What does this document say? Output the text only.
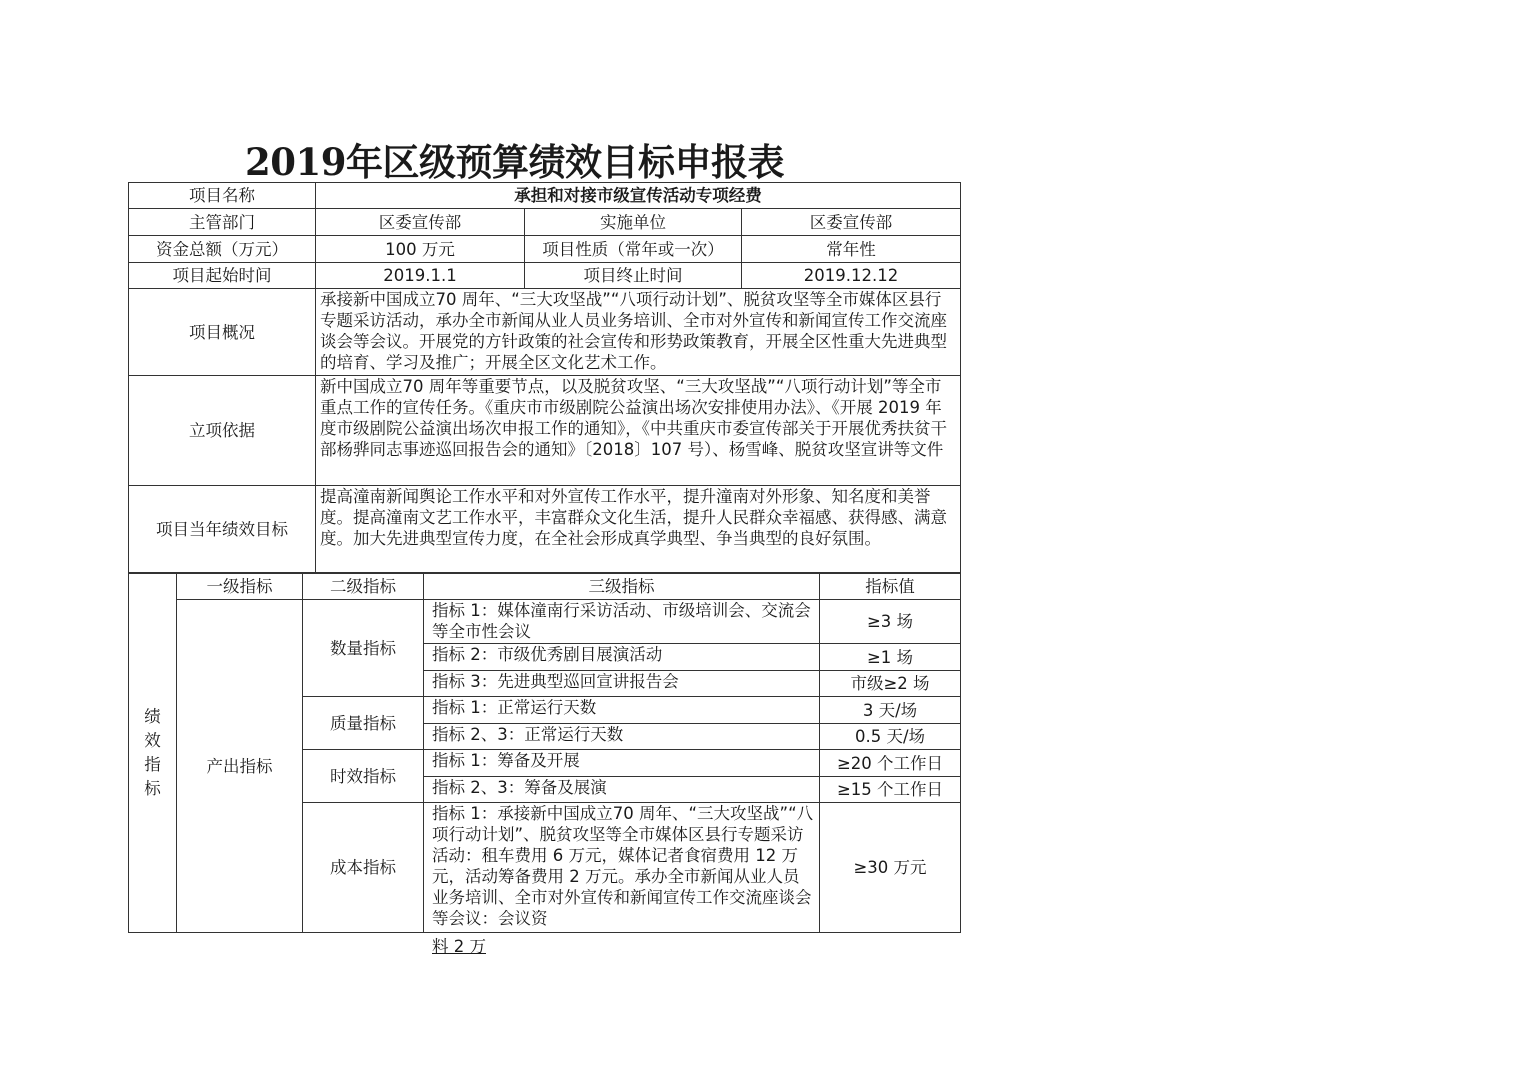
2019年区级预算绩效目标申报表
项目名称	承担和对接市级宣传活动专项经费		
主管部门	区委宣传部	实施单位	区委宣传部
资金总额（万元）	100 万元	项目性质（常年或一次）	常年性
项目起始时间	2019.1.1	项目终止时间	2019.12.12
项目概况	承接新中国成立70 周年、“三大攻坚战”“八项行动计划”、脱贫攻坚等全市媒体区县行专题采访活动，承办全市新闻从业人员业务培训、全市对外宣传和新闻宣传工作交流座谈会等会议。开展党的方针政策的社会宣传和形势政策教育，开展全区性重大先进典型的培育、学习及推广；开展全区文化艺术工作。		
立项依据	新中国成立70 周年等重要节点，以及脱贫攻坚、“三大攻坚战”“八项行动计划”等全市重点工作的宣传任务。《重庆市市级剧院公益演出场次安排使用办法》、《开展 2019 年度市级剧院公益演出场次申报工作的通知》，《中共重庆市委宣传部关于开展优秀扶贫干部杨骅同志事迹巡回报告会的通知》〔2018〕107 号）、杨雪峰、脱贫攻坚宣讲等文件		
项目当年绩效目标	提高潼南新闻舆论工作水平和对外宣传工作水平，提升潼南对外形象、知名度和美誉度。提高潼南文艺工作水平，丰富群众文化生活，提升人民群众幸福感、获得感、满意度。加大先进典型宣传力度，在全社会形成真学典型、争当典型的良好氛围。		
绩效指标	一级指标	二级指标	三级指标	指标值
	产出指标	数量指标	指标 1：媒体潼南行采访活动、市级培训会、交流会等全市性会议	≥3 场
			指标 2：市级优秀剧目展演活动	≥1 场
			指标 3：先进典型巡回宣讲报告会	市级≥2 场
		质量指标	指标 1：正常运行天数	3 天/场
			指标 2、3：正常运行天数	0.5 天/场
		时效指标	指标 1：筹备及开展	≥20 个工作日
			指标 2、3：筹备及展演	≥15 个工作日
		成本指标	指标 1：承接新中国成立70 周年、“三大攻坚战”“八项行动计划”、脱贫攻坚等全市媒体区县行专题采访活动：租车费用 6 万元，媒体记者食宿费用 12 万元，活动筹备费用 2 万元。承办全市新闻从业人员业务培训、全市对外宣传和新闻宣传工作交流座谈会等会议：会议资	≥30 万元
料 2 万
